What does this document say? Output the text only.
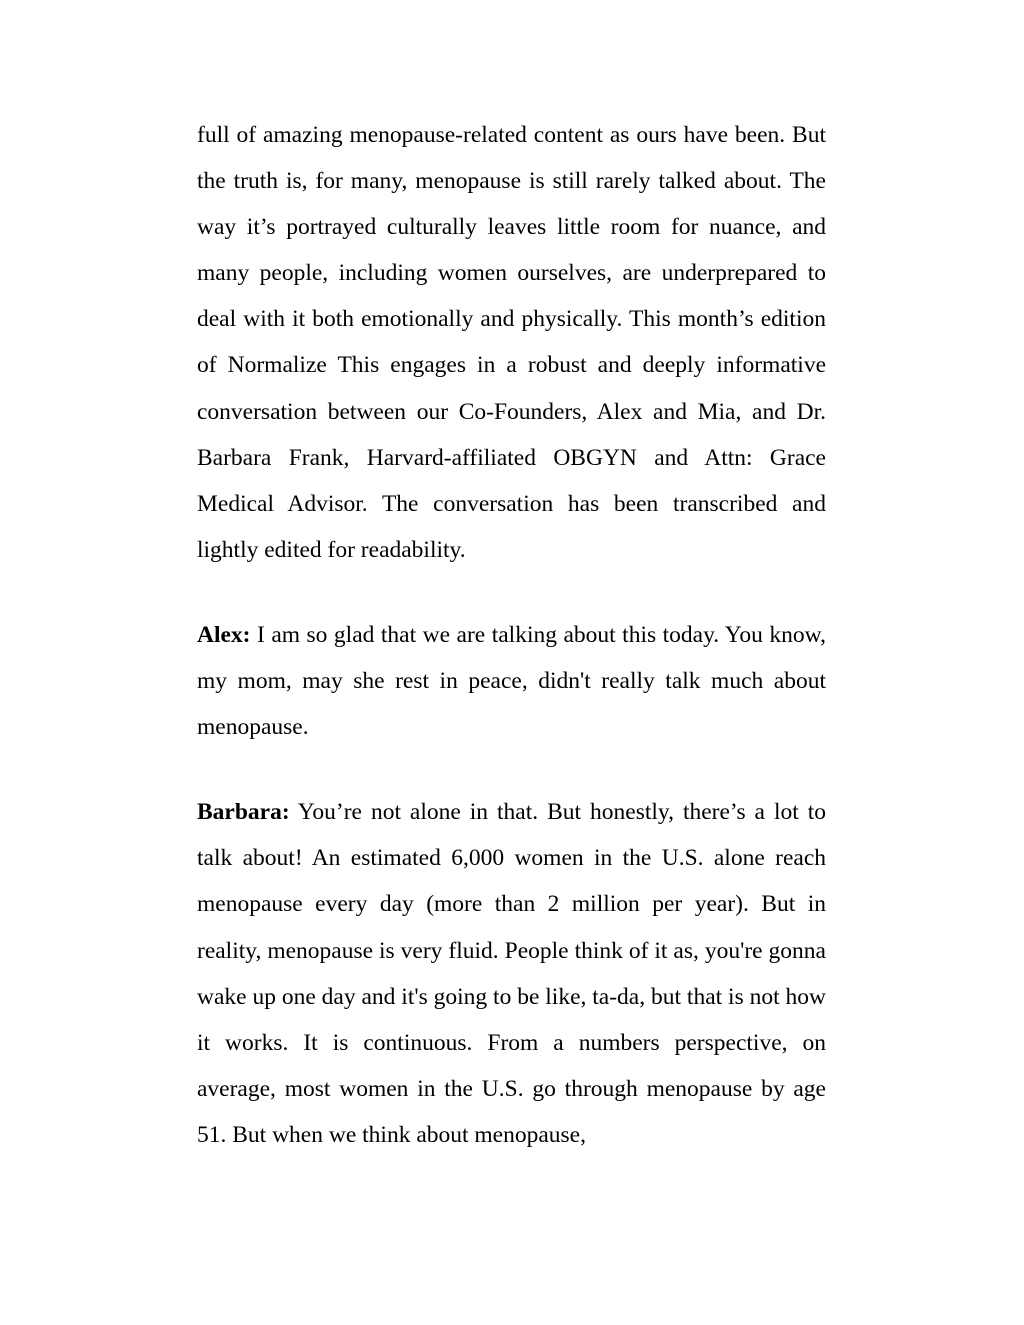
full of amazing menopause-related content as ours have been. But the truth is, for many, menopause is still rarely talked about. The way it’s portrayed culturally leaves little room for nuance, and many people, including women ourselves, are underprepared to deal with it both emotionally and physically. This month’s edition of Normalize This engages in a robust and deeply informative conversation between our Co-Founders, Alex and Mia, and Dr. Barbara Frank, Harvard-affiliated OBGYN and Attn: Grace Medical Advisor. The conversation has been transcribed and lightly edited for readability.

Alex: I am so glad that we are talking about this today. You know, my mom, may she rest in peace, didn't really talk much about menopause.

Barbara: You’re not alone in that. But honestly, there’s a lot to talk about! An estimated 6,000 women in the U.S. alone reach menopause every day (more than 2 million per year). But in reality, menopause is very fluid. People think of it as, you're gonna wake up one day and it's going to be like, ta-da, but that is not how it works. It is continuous. From a numbers perspective, on average, most women in the U.S. go through menopause by age 51. But when we think about menopause,
